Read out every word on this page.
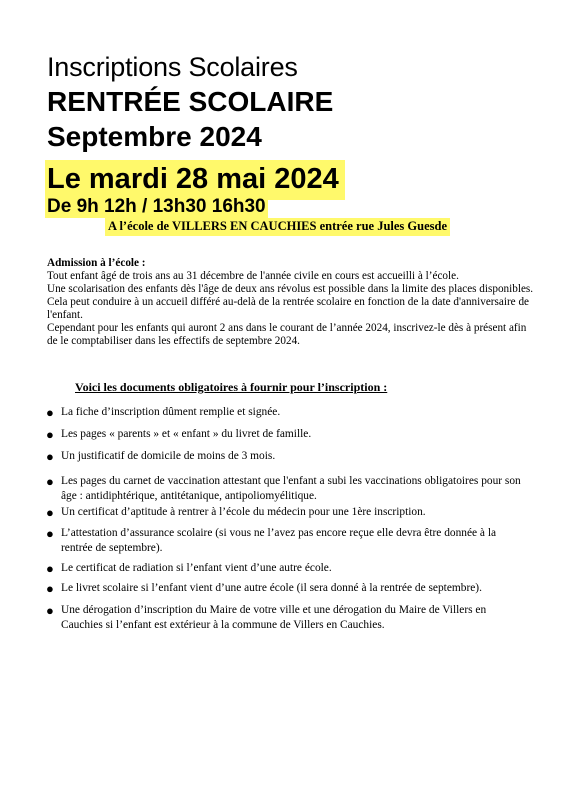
Inscriptions Scolaires
RENTRÉE SCOLAIRE
Septembre 2024
Le mardi 28 mai 2024
De 9h 12h / 13h30 16h30
A l’école de VILLERS EN CAUCHIES entrée rue Jules Guesde
Admission à l’école :

Tout enfant âgé de trois ans au 31 décembre de l'année civile en cours est accueilli à l’école.

Une scolarisation des enfants dès l'âge de deux ans révolus est possible dans la limite des places disponibles.

Cela peut conduire à un accueil différé au-delà de la rentrée scolaire en fonction de la date d'anniversaire de l'enfant.

Cependant pour les enfants qui auront 2 ans dans le courant de l’année 2024, inscrivez-le dès à présent afin de le comptabiliser dans les effectifs de septembre 2024.

Voici les documents obligatoires à fournir pour l’inscription :
● La fiche d’inscription dûment remplie et signée.
● Les pages « parents » et « enfant » du livret de famille.
● Un justificatif de domicile de moins de 3 mois.
● Les pages du carnet de vaccination attestant que l'enfant a subi les vaccinations obligatoires pour son âge : antidiphtérique, antitétanique, antipoliomyélitique.
● Un certificat d’aptitude à rentrer à l’école du médecin pour une 1ère inscription.
● L’attestation d’assurance scolaire (si vous ne l’avez pas encore reçue elle devra être donnée à la rentrée de septembre).
● Le certificat de radiation si l’enfant vient d’une autre école.
● Le livret scolaire si l’enfant vient d’une autre école (il sera donné à la rentrée de septembre).
● Une dérogation d’inscription du Maire de votre ville et une dérogation du Maire de Villers en Cauchies si l’enfant est extérieur à la commune de Villers en Cauchies.
